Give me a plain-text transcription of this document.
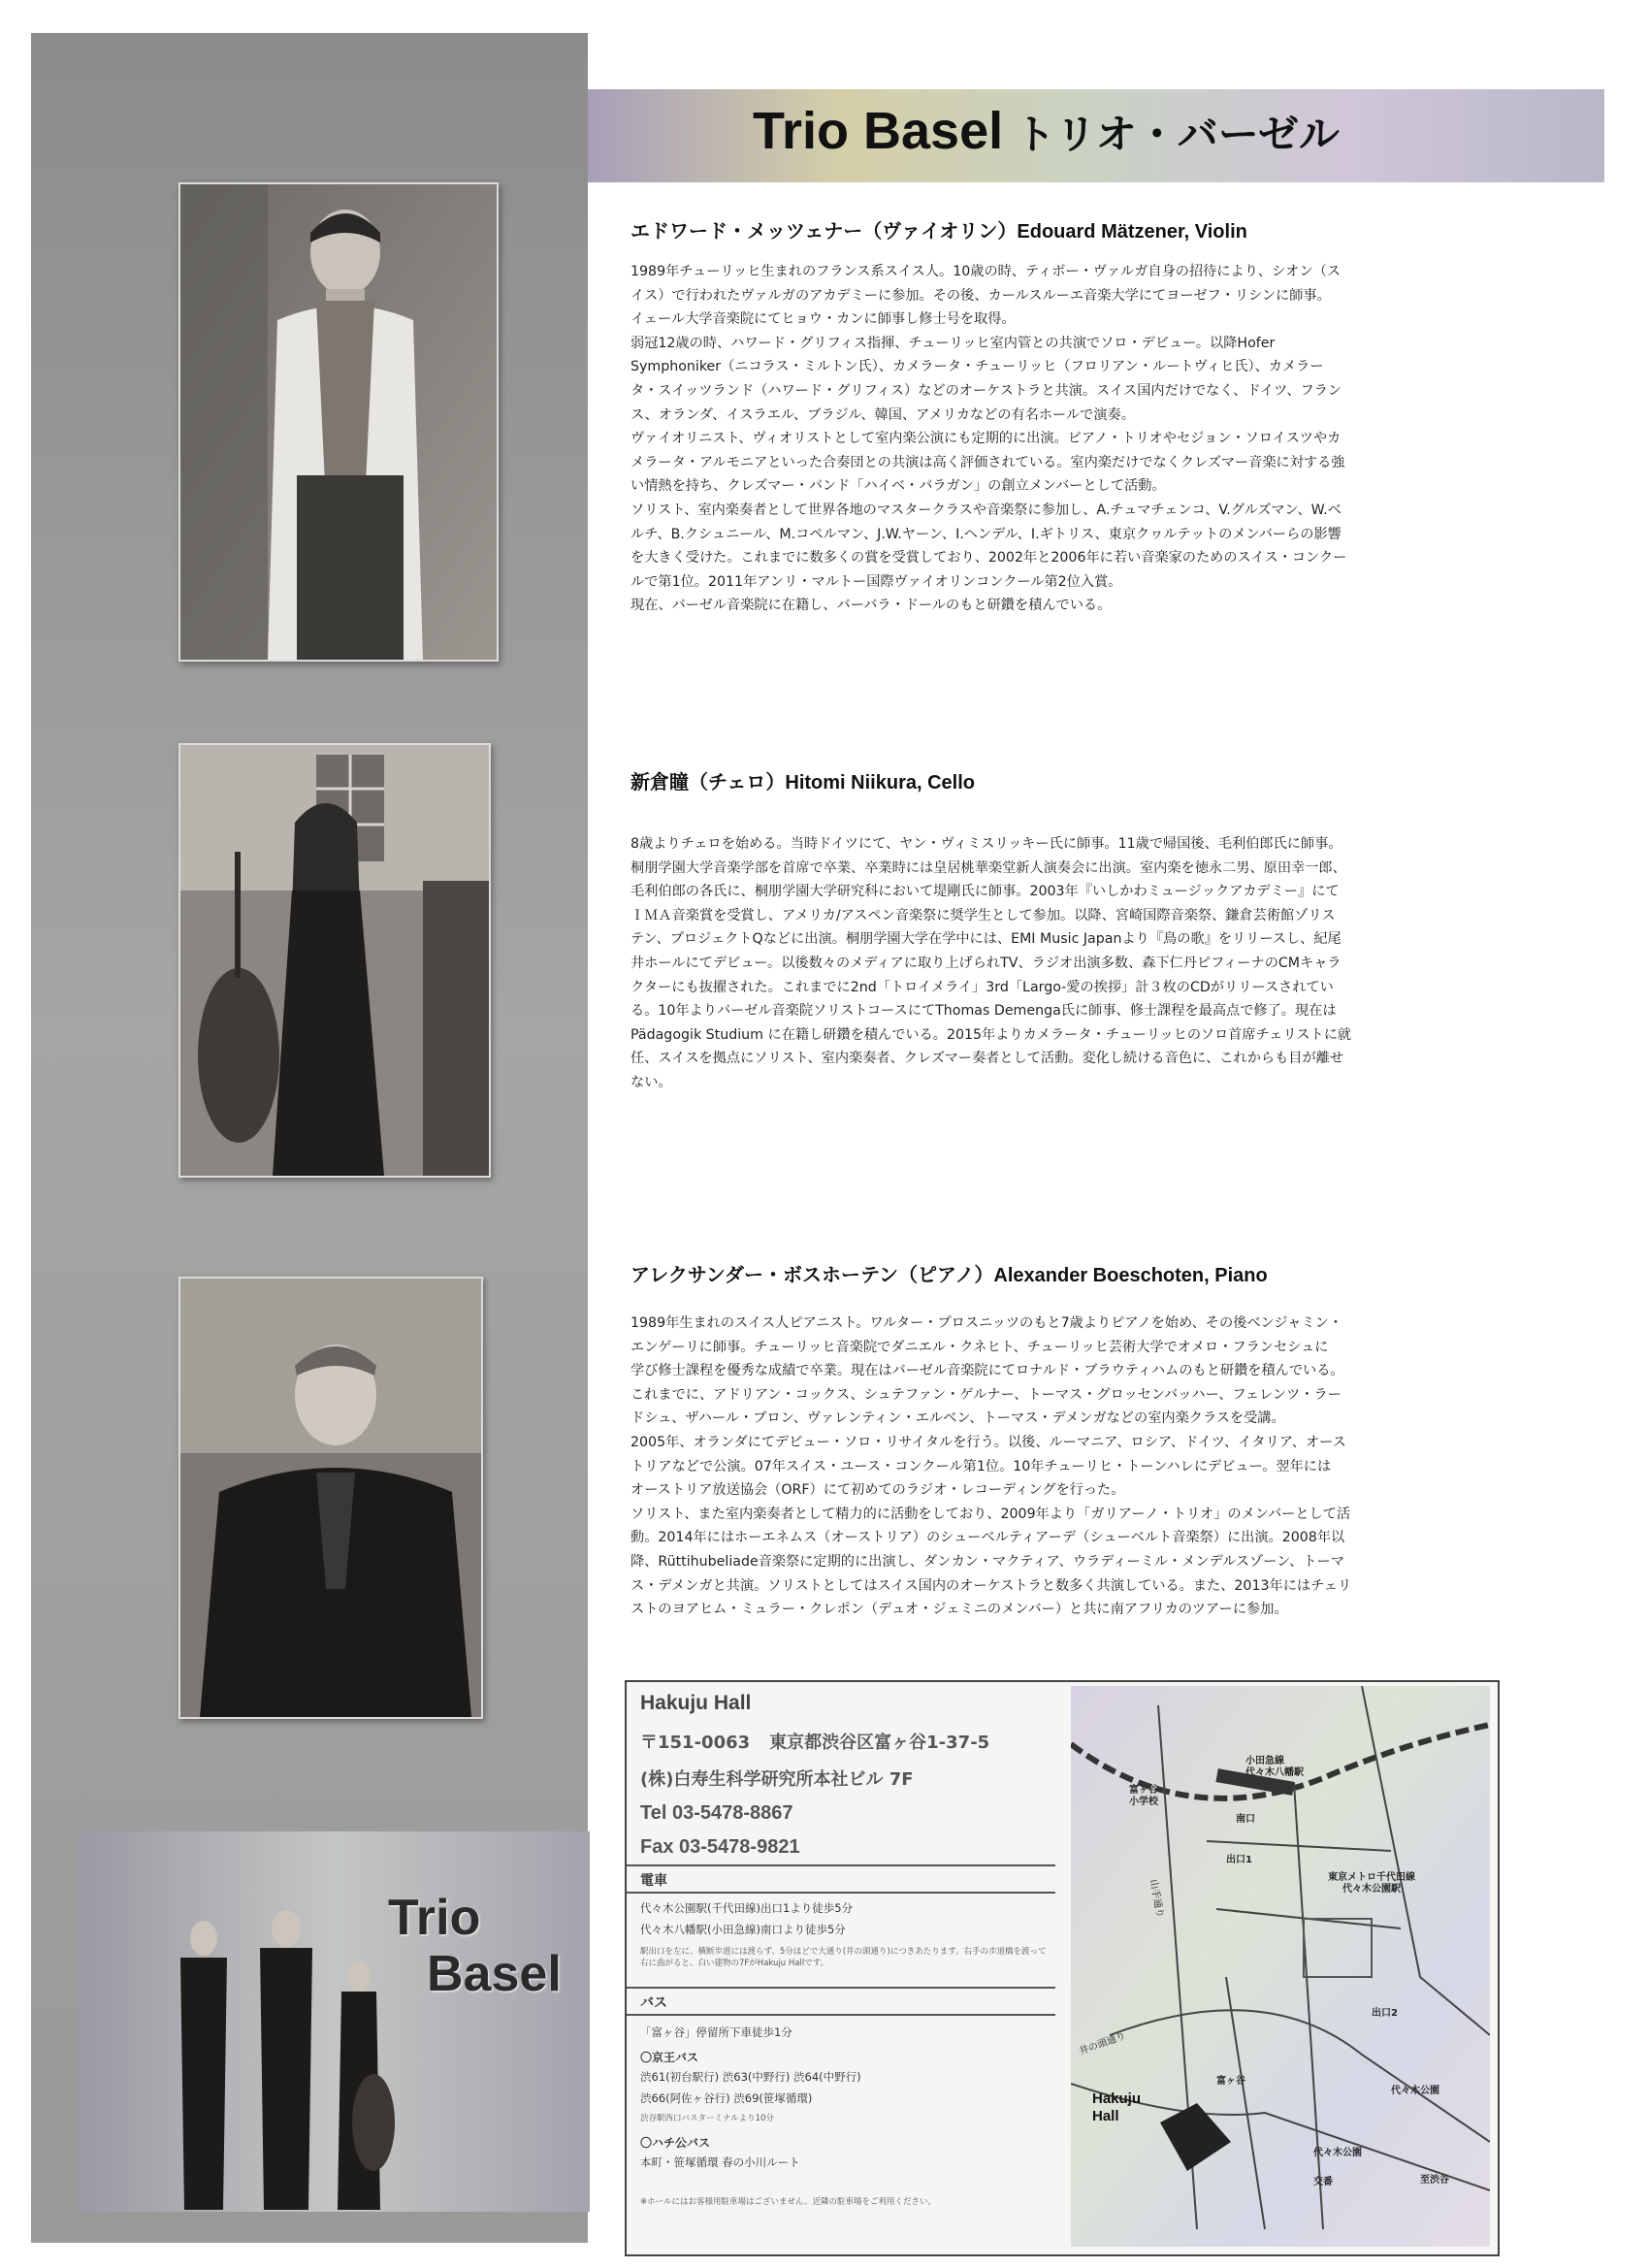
Trio
Basel
Trio Basel トリオ・バーゼル
エドワード・メッツェナー（ヴァイオリン）Edouard Mätzener, Violin

1989年チューリッヒ生まれのフランス系スイス人。10歳の時、ティボー・ヴァルガ自身の招待により、シオン（ス

イス）で行われたヴァルガのアカデミーに参加。その後、カールスルーエ音楽大学にてヨーゼフ・リシンに師事。

イェール大学音楽院にてヒョウ・カンに師事し修士号を取得。

弱冠12歳の時、ハワード・グリフィス指揮、チューリッヒ室内管との共演でソロ・デビュー。以降Hofer

Symphoniker（ニコラス・ミルトン氏）、カメラータ・チューリッヒ（フロリアン・ルートヴィヒ氏）、カメラー

タ・スイッツランド（ハワード・グリフィス）などのオーケストラと共演。スイス国内だけでなく、ドイツ、フラン

ス、オランダ、イスラエル、ブラジル、韓国、アメリカなどの有名ホールで演奏。

ヴァイオリニスト、ヴィオリストとして室内楽公演にも定期的に出演。ピアノ・トリオやセジョン・ソロイスツやカ

メラータ・アルモニアといった合奏団との共演は高く評価されている。室内楽だけでなくクレズマー音楽に対する強

い情熱を持ち、クレズマー・バンド「ハイベ・バラガン」の創立メンバーとして活動。

ソリスト、室内楽奏者として世界各地のマスタークラスや音楽祭に参加し、A.チュマチェンコ、V.グルズマン、W.ベ

ルチ、B.クシュニール、M.コペルマン、J.W.ヤーン、I.ヘンデル、I.ギトリス、東京クヮルテットのメンバーらの影響

を大きく受けた。これまでに数多くの賞を受賞しており、2002年と2006年に若い音楽家のためのスイス・コンクー

ルで第1位。2011年アンリ・マルトー国際ヴァイオリンコンクール第2位入賞。

現在、バーゼル音楽院に在籍し、バーバラ・ドールのもと研鑽を積んでいる。

新倉瞳（チェロ）Hitomi Niikura, Cello

8歳よりチェロを始める。当時ドイツにて、ヤン・ヴィミスリッキー氏に師事。11歳で帰国後、毛利伯郎氏に師事。

桐朋学園大学音楽学部を首席で卒業、卒業時には皇居桃華楽堂新人演奏会に出演。室内楽を徳永二男、原田幸一郎、

毛利伯郎の各氏に、桐朋学園大学研究科において堤剛氏に師事。2003年『いしかわミュージックアカデミー』にて

ＩＭＡ音楽賞を受賞し、アメリカ/アスペン音楽祭に奨学生として参加。以降、宮崎国際音楽祭、鎌倉芸術館ゾリス

テン、プロジェクトQなどに出演。桐朋学園大学在学中には、EMI Music Japanより『鳥の歌』をリリースし、紀尾

井ホールにてデビュー。以後数々のメディアに取り上げられTV、ラジオ出演多数、森下仁丹ピフィーナのCMキャラ

クターにも抜擢された。これまでに2nd「トロイメライ」3rd「Largo-愛の挨拶」計３枚のCDがリリースされてい

る。10年よりバーゼル音楽院ソリストコースにてThomas Demenga氏に師事、修士課程を最高点で修了。現在は

Pädagogik Studium に在籍し研鑽を積んでいる。2015年よりカメラータ・チューリッヒのソロ首席チェリストに就

任、スイスを拠点にソリスト、室内楽奏者、クレズマー奏者として活動。変化し続ける音色に、これからも目が離せ

ない。

アレクサンダー・ボスホーテン（ピアノ）Alexander Boeschoten, Piano

1989年生まれのスイス人ピアニスト。ワルター・プロスニッツのもと7歳よりピアノを始め、その後ベンジャミン・

エンゲーリに師事。チューリッヒ音楽院でダニエル・クネヒト、チューリッヒ芸術大学でオメロ・フランセシュに

学び修士課程を優秀な成績で卒業。現在はバーゼル音楽院にてロナルド・ブラウティハムのもと研鑽を積んでいる。

これまでに、アドリアン・コックス、シュテファン・ゲルナー、トーマス・グロッセンバッハー、フェレンツ・ラー

ドシュ、ザハール・ブロン、ヴァレンティン・エルベン、トーマス・デメンガなどの室内楽クラスを受講。

2005年、オランダにてデビュー・ソロ・リサイタルを行う。以後、ルーマニア、ロシア、ドイツ、イタリア、オース

トリアなどで公演。07年スイス・ユース・コンクール第1位。10年チューリヒ・トーンハレにデビュー。翌年には

オーストリア放送協会（ORF）にて初めてのラジオ・レコーディングを行った。

ソリスト、また室内楽奏者として精力的に活動をしており、2009年より「ガリアーノ・トリオ」のメンバーとして活

動。2014年にはホーエネムス（オーストリア）のシューベルティアーデ（シューベルト音楽祭）に出演。2008年以

降、Rüttihubeliade音楽祭に定期的に出演し、ダンカン・マクティア、ウラディーミル・メンデルスゾーン、トーマ

ス・デメンガと共演。ソリストとしてはスイス国内のオーケストラと数多く共演している。また、2013年にはチェリ

ストのヨアヒム・ミュラー・クレポン（デュオ・ジェミニのメンバー）と共に南アフリカのツアーに参加。

Hakuju Hall
〒151-0063 東京都渋谷区富ヶ谷1-37-5
(株)白寿生科学研究所本社ビル 7F
Tel 03-5478-8867
Fax 03-5478-9821
電車
代々木公園駅(千代田線)出口1より徒歩5分
代々木八幡駅(小田急線)南口より徒歩5分
駅出口を左に、横断歩道には渡らず、5分ほどで大通り(井の頭通り)につきあたります。右手の歩道橋を渡って右に曲がると、白い建物の7FがHakuju Hallです。
バス
「富ヶ谷」停留所下車徒歩1分
〇京王バス
渋61(初台駅行) 渋63(中野行) 渋64(中野行)
渋66(阿佐ヶ谷行) 渋69(笹塚循環)
渋谷駅西口バスターミナルより10分
〇ハチ公バス
本町・笹塚循環 春の小川ルート
※ホールにはお客様用駐車場はございません。近隣の駐車場をご利用ください。
小田急線
代々木八幡駅
富ヶ谷
小学校
南口
東京メトロ千代田線
代々木公園駅
出口2
出口1
富ヶ谷
代々木公園
代々木公園
交番	至渋谷
Hakuju
Hall
井の頭通り
山手通り
